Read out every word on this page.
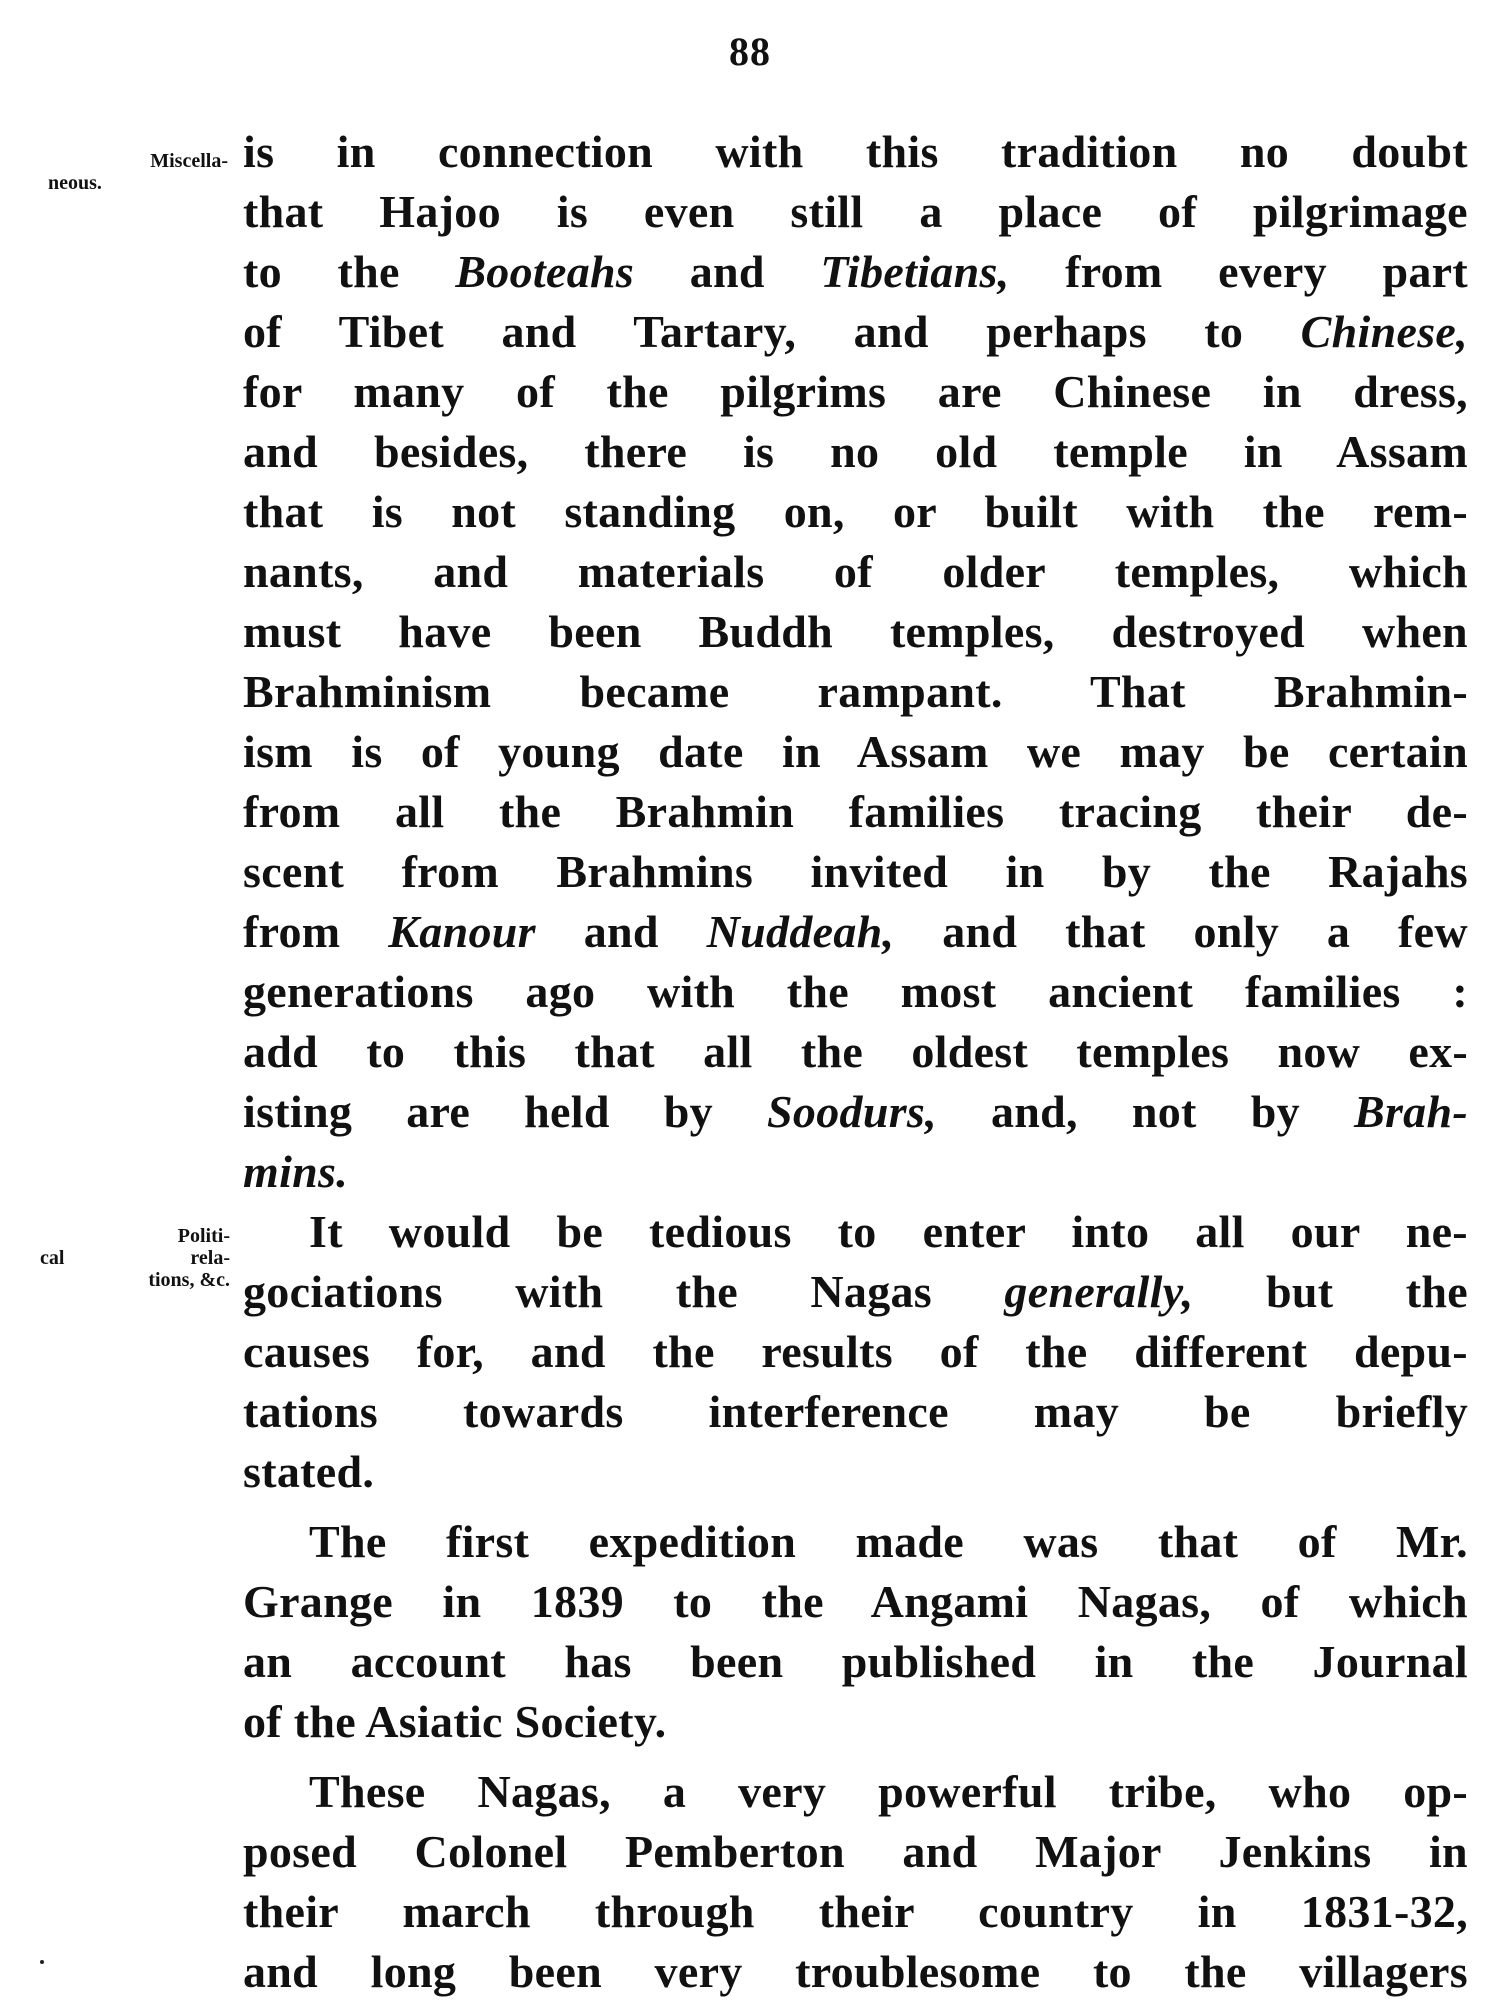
88
Miscella-
neous.
Politi-
cal rela-
tions, &c.
is in connection with this tradition no doubt
that Hajoo is even still a place of pilgrimage
to the Booteahs and Tibetians, from every part
of Tibet and Tartary, and perhaps to Chinese,
for many of the pilgrims are Chinese in dress,
and besides, there is no old temple in Assam
that is not standing on, or built with the rem-
nants, and materials of older temples, which
must have been Buddh temples, destroyed when
Brahminism became rampant. That Brahmin-
ism is of young date in Assam we may be certain
from all the Brahmin families tracing their de-
scent from Brahmins invited in by the Rajahs
from Kanour and Nuddeah, and that only a few
generations ago with the most ancient families :
add to this that all the oldest temples now ex-
isting are held by Soodurs, and, not by Brah-
mins.
It would be tedious to enter into all our ne-
gociations with the Nagas generally, but the
causes for, and the results of the different depu-
tations towards interference may be briefly
stated.
The first expedition made was that of Mr.
Grange in 1839 to the Angami Nagas, of which
an account has been published in the Journal
of the Asiatic Society.
These Nagas, a very powerful tribe, who op-
posed Colonel Pemberton and Major Jenkins in
their march through their country in 1831-32,
and long been very troublesome to the villagers
